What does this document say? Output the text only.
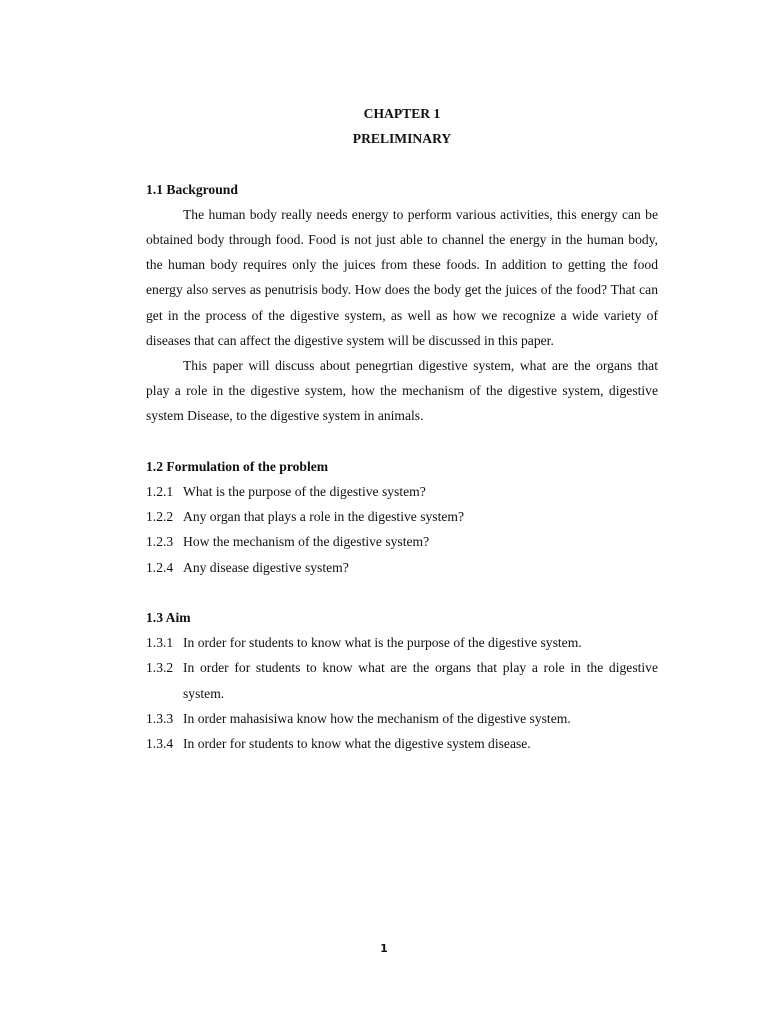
CHAPTER 1

PRELIMINARY

1.1 Background

The human body really needs energy to perform various activities, this energy can be obtained body through food. Food is not just able to channel the energy in the human body, the human body requires only the juices from these foods. In addition to getting the food energy also serves as penutrisis body. How does the body get the juices of the food? That can get in the process of the digestive system, as well as how we recognize a wide variety of diseases that can affect the digestive system will be discussed in this paper.

This paper will discuss about penegrtian digestive system, what are the organs that play a role in the digestive system, how the mechanism of the digestive system, digestive system Disease, to the digestive system in animals.

1.2 Formulation of the problem

1.2.1 What is the purpose of the digestive system?
1.2.2 Any organ that plays a role in the digestive system?
1.2.3 How the mechanism of the digestive system?
1.2.4 Any disease digestive system?

1.3 Aim

1.3.1 In order for students to know what is the purpose of the digestive system.
1.3.2 In order for students to know what are the organs that play a role in the digestive system.
1.3.3 In order mahasisiwa know how the mechanism of the digestive system.
1.3.4 In order for students to know what the digestive system disease.
1
